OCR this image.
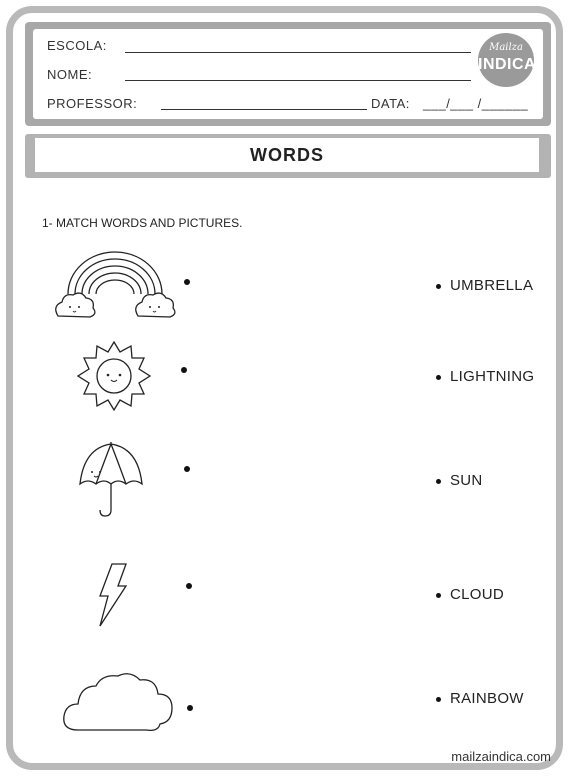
ESCOLA:
NOME:
PROFESSOR:	DATA: ___/___ /______
Mailza
INDICA
WORDS
1- MATCH WORDS AND PICTURES.
UMBRELLA
LIGHTNING
SUN
CLOUD
RAINBOW
mailzaindica.com
